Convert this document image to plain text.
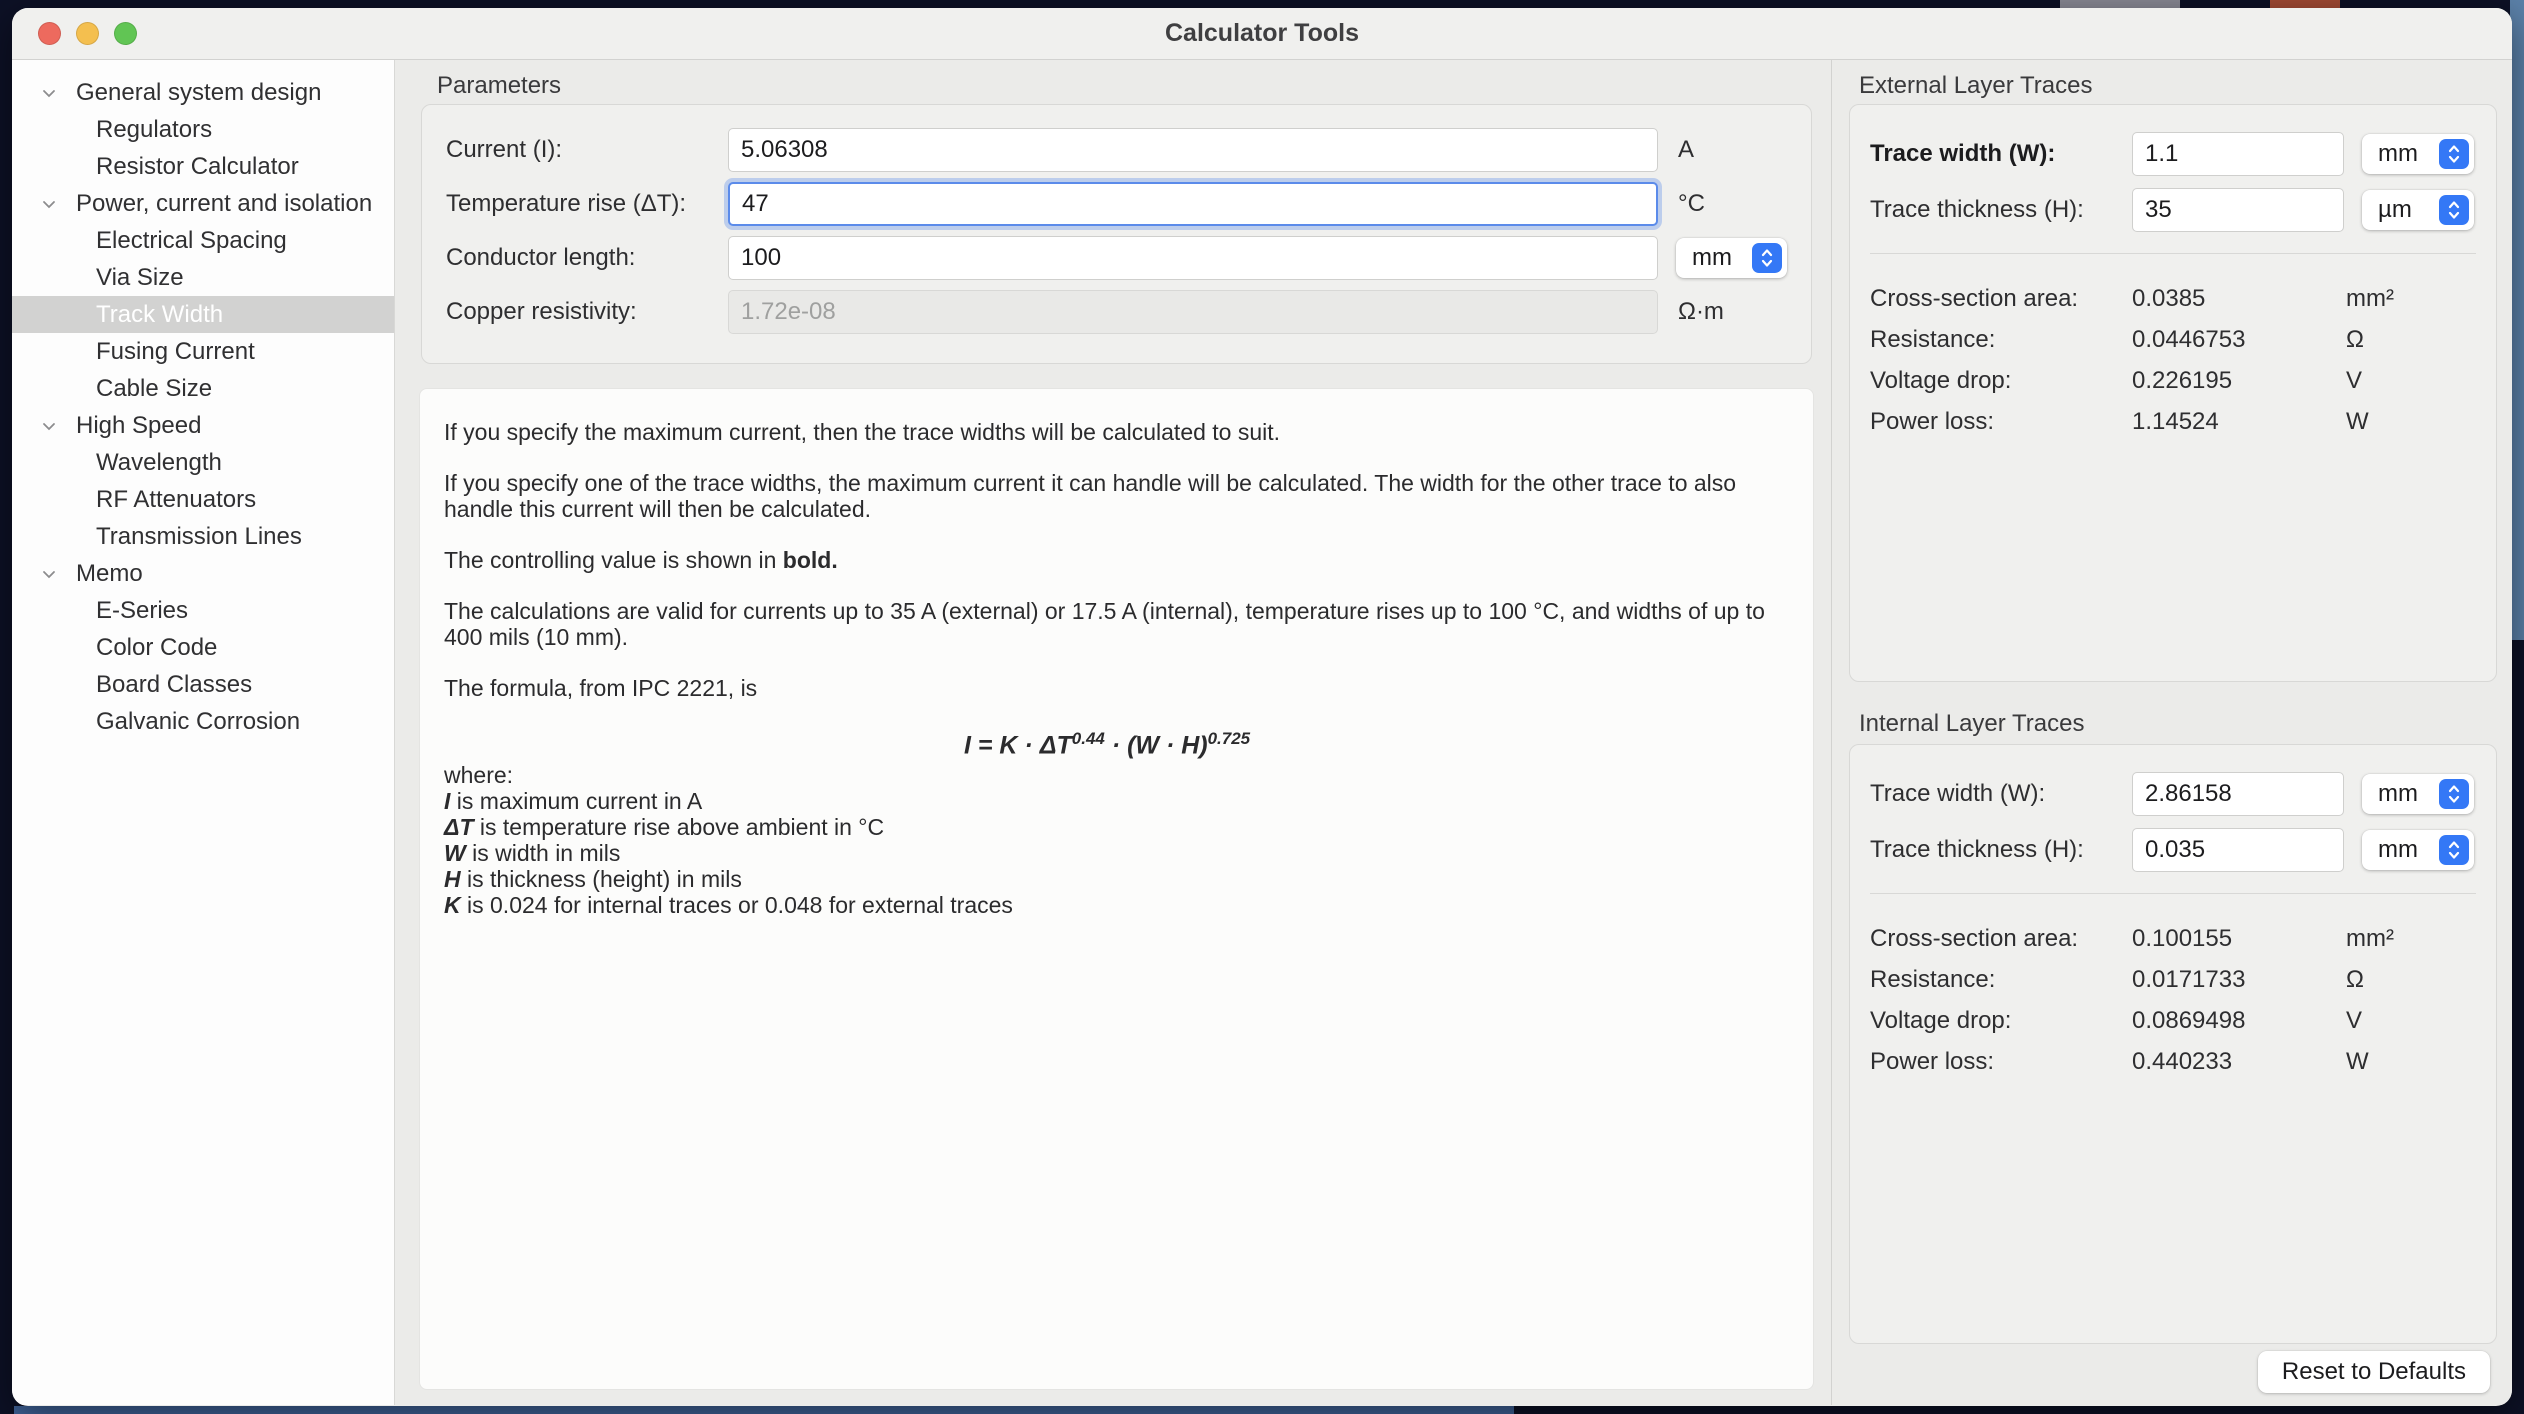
Calculator Tools
General system design
Regulators
Resistor Calculator
Power, current and isolation
Electrical Spacing
Via Size
Track Width
Fusing Current
Cable Size
High Speed
Wavelength
RF Attenuators
Transmission Lines
Memo
E-Series
Color Code
Board Classes
Galvanic Corrosion
Parameters
Current (I):
5.06308	A
Temperature rise (ΔT):
47	°C
Conductor length:
100	mm
Copper resistivity:
1.72e-08	Ω·m

If you specify the maximum current, then the trace widths will be calculated to suit.

If you specify one of the trace widths, the maximum current it can handle will be calculated. The width for the other trace to also handle this current will then be calculated.

The controlling value is shown in bold.

The calculations are valid for currents up to 35 A (external) or 17.5 A (internal), temperature rises up to 100 °C, and widths of up to 400 mils (10 mm).

The formula, from IPC 2221, is

$I = K \cdot \Delta T^{0.44} \cdot (W \cdot H)^{0.725}$
where:
I is maximum current in A
ΔT is temperature rise above ambient in °C
W is width in mils
H is thickness (height) in mils
K is 0.024 for internal traces or 0.048 for external traces
External Layer Traces
Trace width (W):
1.1	mm
Trace thickness (H):
35	µm
Cross-section area:	0.0385	mm²
Resistance:	0.0446753	Ω
Voltage drop:	0.226195	V
Power loss:	1.14524	W
Internal Layer Traces
Trace width (W):
2.86158	mm
Trace thickness (H):
0.035	mm
Cross-section area:	0.100155	mm²
Resistance:	0.0171733	Ω
Voltage drop:	0.0869498	V
Power loss:	0.440233	W
Reset to Defaults
